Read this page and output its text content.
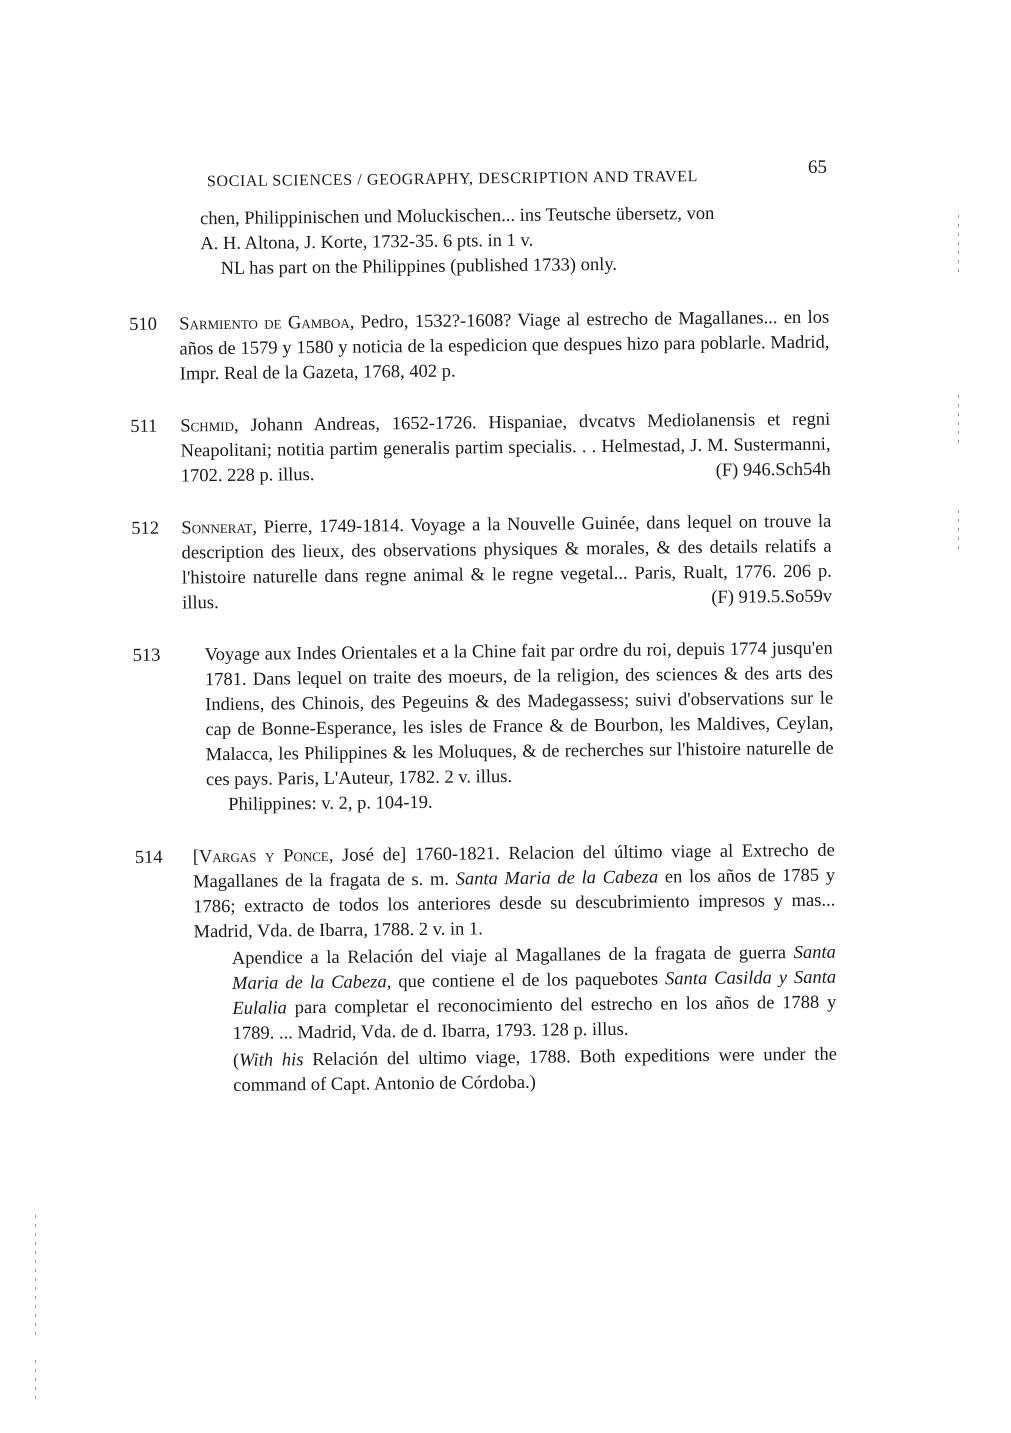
SOCIAL SCIENCES / GEOGRAPHY, DESCRIPTION AND TRAVEL
65
chen, Philippinischen und Moluckischen... ins Teutsche übersetz, von
A. H. Altona, J. Korte, 1732-35. 6 pts. in 1 v.
NL has part on the Philippines (published 1733) only.
510 Sarmiento de Gamboa, Pedro, 1532?-1608? Viage al estrecho de Magallanes... en los años de 1579 y 1580 y noticia de la espedicion que despues hizo para poblarle. Madrid, Impr. Real de la Gazeta, 1768, 402 p.
511 Schmid, Johann Andreas, 1652-1726. Hispaniae, dvcatvs Mediolanensis et regni Neapolitani; notitia partim generalis partim specialis. . . Helmestad, J. M. Sustermanni, 1702. 228 p. illus.	(F) 946.Sch54h
512 Sonnerat, Pierre, 1749-1814. Voyage a la Nouvelle Guinée, dans lequel on trouve la description des lieux, des observations physiques & morales, & des details relatifs a l'histoire naturelle dans regne animal & le regne vegetal... Paris, Rualt, 1776. 206 p. illus.	(F) 919.5.So59v
513	Voyage aux Indes Orientales et a la Chine fait par ordre du roi, depuis 1774 jusqu'en 1781. Dans lequel on traite des moeurs, de la religion, des sciences & des arts des Indiens, des Chinois, des Pegeuins & des Madegassess; suivi d'observations sur le cap de Bonne-Esperance, les isles de France & de Bourbon, les Maldives, Ceylan, Malacca, les Philippines & les Moluques, & de recherches sur l'histoire naturelle de ces pays. Paris, L'Auteur, 1782. 2 v. illus.
Philippines: v. 2, p. 104-19.
514	[Vargas y Ponce, José de] 1760-1821. Relacion del último viage al Extrecho de Magallanes de la fragata de s. m. Santa Maria de la Cabeza en los años de 1785 y 1786; extracto de todos los anteriores desde su descubrimiento impresos y mas... Madrid, Vda. de Ibarra, 1788. 2 v. in 1.
Apendice a la Relación del viaje al Magallanes de la fragata de guerra Santa Maria de la Cabeza, que contiene el de los paquebotes Santa Casilda y Santa Eulalia para completar el reconocimiento del estrecho en los años de 1788 y 1789. ... Madrid, Vda. de d. Ibarra, 1793. 128 p. illus.
(With his Relación del ultimo viage, 1788. Both expeditions were under the command of Capt. Antonio de Córdoba.)
